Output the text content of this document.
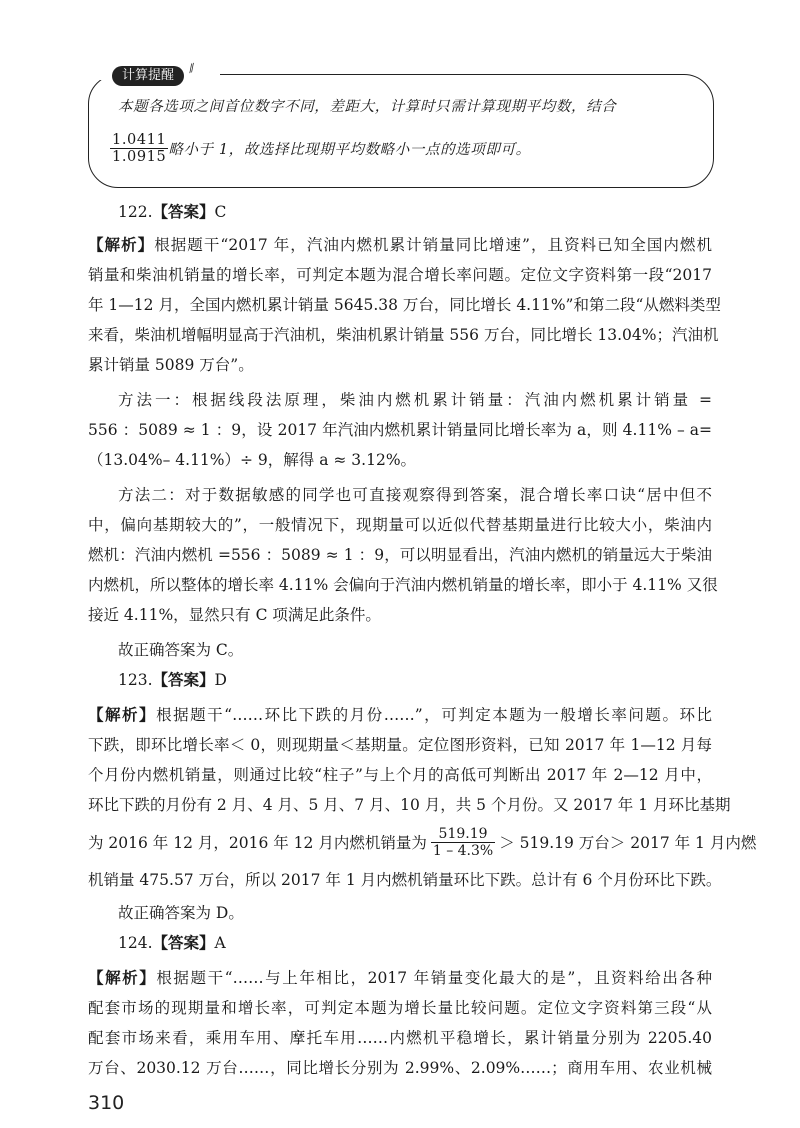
计算提醒	⁄⁄
本题各选项之间首位数字不同，差距大，计算时只需计算现期平均数，结合
$\frac{1.0411}{1.0915}$ 略小于 1，故选择比现期平均数略小一点的选项即可。
122.【答案】C
【解析】根据题干“2017 年，汽油内燃机累计销量同比增速”，且资料已知全国内燃机
销量和柴油机销量的增长率，可判定本题为混合增长率问题。定位文字资料第一段“2017
年 1—12 月，全国内燃机累计销量 5645.38 万台，同比增长 4.11%”和第二段“从燃料类型
来看，柴油机增幅明显高于汽油机，柴油机累计销量 556 万台，同比增长 13.04%；汽油机
累计销量 5089 万台”。
方法一：根据线段法原理，柴油内燃机累计销量：汽油内燃机累计销量 =
556 ：5089 ≈ 1 ：9，设 2017 年汽油内燃机累计销量同比增长率为 a，则 4.11% – a=
（13.04%– 4.11%）÷ 9，解得 a ≈ 3.12%。
方法二：对于数据敏感的同学也可直接观察得到答案，混合增长率口诀“居中但不
中，偏向基期较大的”，一般情况下，现期量可以近似代替基期量进行比较大小，柴油内
燃机：汽油内燃机 =556 ：5089 ≈ 1 ：9，可以明显看出，汽油内燃机的销量远大于柴油
内燃机，所以整体的增长率 4.11% 会偏向于汽油内燃机销量的增长率，即小于 4.11% 又很
接近 4.11%，显然只有 C 项满足此条件。
故正确答案为 C。
123.【答案】D
【解析】根据题干“……环比下跌的月份……”，可判定本题为一般增长率问题。环比
下跌，即环比增长率＜ 0，则现期量＜基期量。定位图形资料，已知 2017 年 1—12 月每
个月份内燃机销量，则通过比较“柱子”与上个月的高低可判断出 2017 年 2—12 月中，
环比下跌的月份有 2 月、4 月、5 月、7 月、10 月，共 5 个月份。又 2017 年 1 月环比基期
为 2016 年 12 月，2016 年 12 月内燃机销量为 $\frac{519.19}{1 - 4.3\%} > 519.19$ 万台＞ 2017 年 1 月内燃
机销量 475.57 万台，所以 2017 年 1 月内燃机销量环比下跌。总计有 6 个月份环比下跌。
故正确答案为 D。
124.【答案】A
【解析】根据题干“……与上年相比，2017 年销量变化最大的是”，且资料给出各种
配套市场的现期量和增长率，可判定本题为增长量比较问题。定位文字资料第三段“从
配套市场来看，乘用车用、摩托车用……内燃机平稳增长，累计销量分别为 2205.40
万台、2030.12 万台……，同比增长分别为 2.99%、2.09%……；商用车用、农业机械
310
